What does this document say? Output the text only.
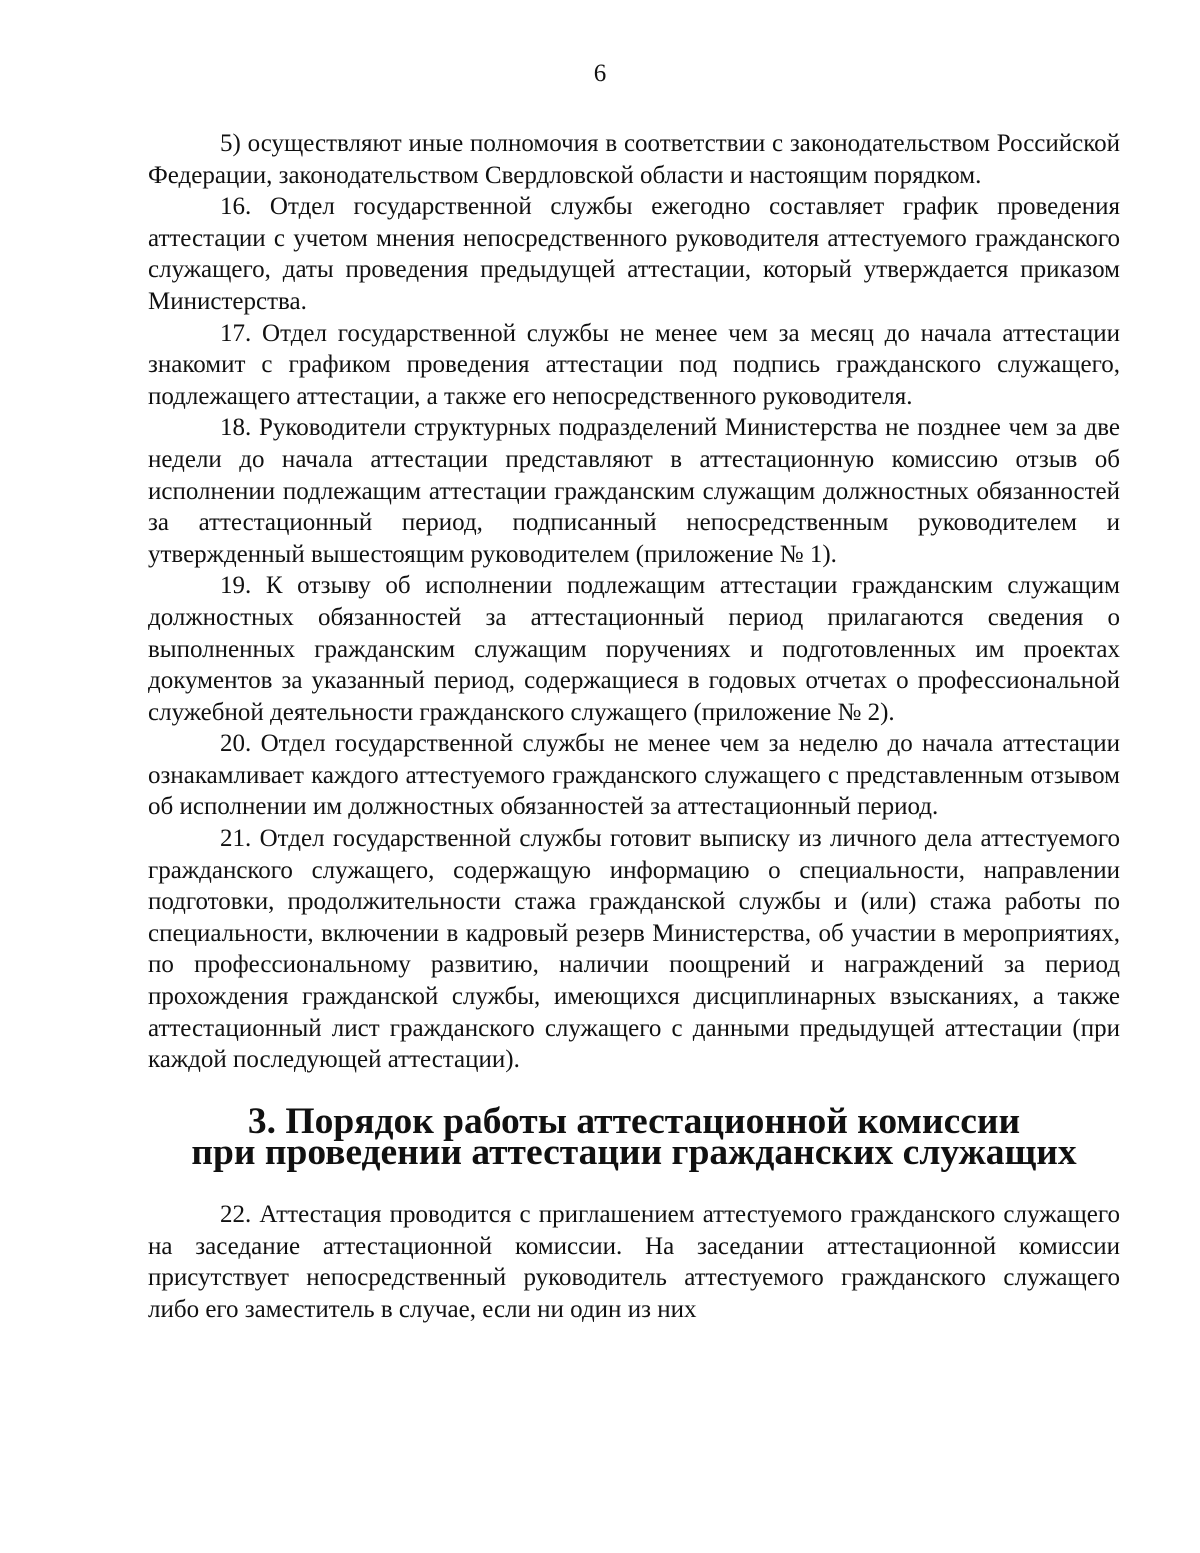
6

5) осуществляют иные полномочия в соответствии с законодательством Российской Федерации, законодательством Свердловской области и настоящим порядком.

16. Отдел государственной службы ежегодно составляет график проведения аттестации с учетом мнения непосредственного руководителя аттестуемого гражданского служащего, даты проведения предыдущей аттестации, который утверждается приказом Министерства.

17. Отдел государственной службы не менее чем за месяц до начала аттестации знакомит с графиком проведения аттестации под подпись гражданского служащего, подлежащего аттестации, а также его непосредственного руководителя.

18. Руководители структурных подразделений Министерства не позднее чем за две недели до начала аттестации представляют в аттестационную комиссию отзыв об исполнении подлежащим аттестации гражданским служащим должностных обязанностей за аттестационный период, подписанный непосредственным руководителем и утвержденный вышестоящим руководителем (приложение № 1).

19. К отзыву об исполнении подлежащим аттестации гражданским служащим должностных обязанностей за аттестационный период прилагаются сведения о выполненных гражданским служащим поручениях и подготовленных им проектах документов за указанный период, содержащиеся в годовых отчетах о профессиональной служебной деятельности гражданского служащего (приложение № 2).

20. Отдел государственной службы не менее чем за неделю до начала аттестации ознакамливает каждого аттестуемого гражданского служащего с представленным отзывом об исполнении им должностных обязанностей за аттестационный период.

21. Отдел государственной службы готовит выписку из личного дела аттестуемого гражданского служащего, содержащую информацию о специальности, направлении подготовки, продолжительности стажа гражданской службы и (или) стажа работы по специальности, включении в кадровый резерв Министерства, об участии в мероприятиях, по профессиональному развитию, наличии поощрений и награждений за период прохождения гражданской службы, имеющихся дисциплинарных взысканиях, а также аттестационный лист гражданского служащего с данными предыдущей аттестации (при каждой последующей аттестации).

3. Порядок работы аттестационной комиссии
при проведении аттестации гражданских служащих

22. Аттестация проводится с приглашением аттестуемого гражданского служащего на заседание аттестационной комиссии. На заседании аттестационной комиссии присутствует непосредственный руководитель аттестуемого гражданского служащего либо его заместитель в случае, если ни один из них
